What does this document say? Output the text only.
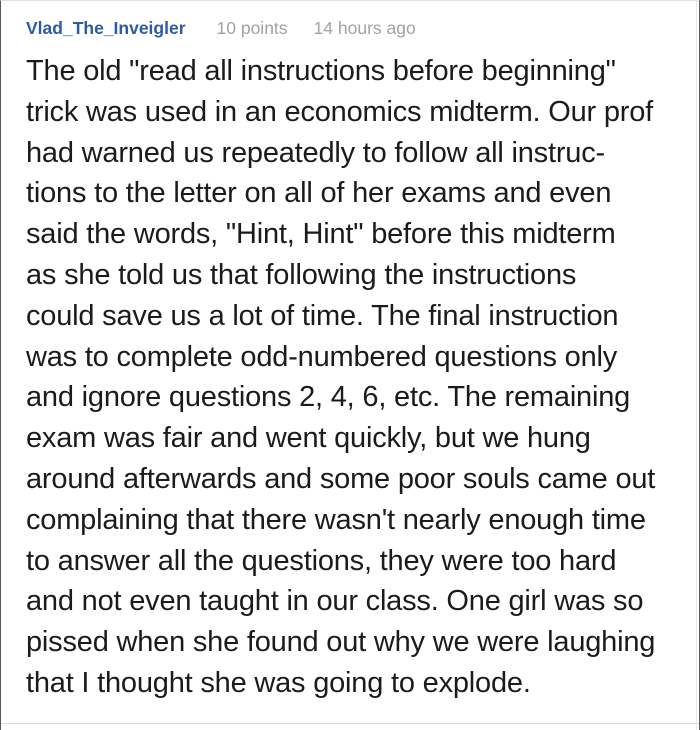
Vlad_The_Inveigler 10 points 14 hours ago
The old "read all instructions before beginning"
trick was used in an economics midterm. Our prof
had warned us repeatedly to follow all instruc-
tions to the letter on all of her exams and even
said the words, "Hint, Hint" before this midterm
as she told us that following the instructions
could save us a lot of time. The final instruction
was to complete odd-numbered questions only
and ignore questions 2, 4, 6, etc. The remaining
exam was fair and went quickly, but we hung
around afterwards and some poor souls came out
complaining that there wasn't nearly enough time
to answer all the questions, they were too hard
and not even taught in our class. One girl was so
pissed when she found out why we were laughing
that I thought she was going to explode.
